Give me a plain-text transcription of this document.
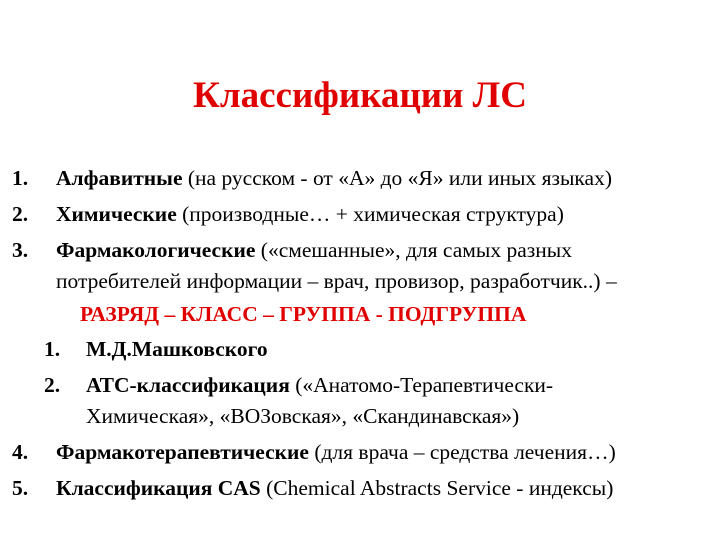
Классификации ЛС
1. Алфавитные (на русском - от «А» до «Я» или иных языках)
2. Химические (производные… + химическая структура)
3. Фармакологические («смешанные», для самых разных
потребителей информации – врач, провизор, разработчик..) –
РАЗРЯД – КЛАСС – ГРУППА - ПОДГРУППА
1. М.Д.Машковского
2. АТС-классификация («Анатомо-Терапевтически-
Химическая», «ВОЗовская», «Скандинавская»)
4. Фармакотерапевтические (для врача – средства лечения…)
5. Классификация CAS (Chemical Abstracts Service - индексы)
